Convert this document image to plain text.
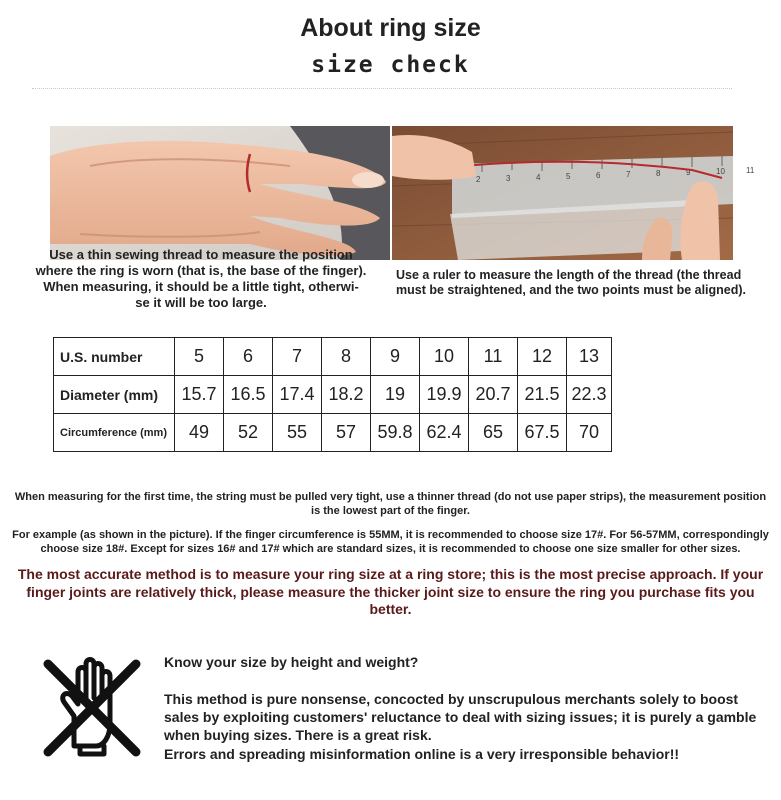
About ring size
size check
2	3	4	5	6	7	8	9	10	11
Use a thin sewing thread to measure the position
where the ring is worn (that is, the base of the finger).
When measuring, it should be a little tight, otherwi-
se it will be too large.
Use a ruler to measure the length of the thread (the thread must be straightened, and the two points must be aligned).
U.S. number	5	6	7	8	9	10	11	12	13
Diameter (mm)	15.7	16.5	17.4	18.2	19	19.9	20.7	21.5	22.3
Circumference (mm)	49	52	55	57	59.8	62.4	65	67.5	70
When measuring for the first time, the string must be pulled very tight, use a thinner thread (do not use paper strips), the measurement position is the lowest part of the finger.
For example (as shown in the picture). If the finger circumference is 55MM, it is recommended to choose size 17#. For 56-57MM, correspondingly choose size 18#. Except for sizes 16# and 17# which are standard sizes, it is recommended to choose one size smaller for other sizes.
The most accurate method is to measure your ring size at a ring store; this is the most precise approach. If your finger joints are relatively thick, please measure the thicker joint size to ensure the ring you purchase fits you better.
Know your size by height and weight?
This method is pure nonsense, concocted by unscrupulous merchants solely to boost sales by exploiting customers' reluctance to deal with sizing issues; it is purely a gamble when buying sizes. There is a great risk.
Errors and spreading misinformation online is a very irresponsible behavior!!
